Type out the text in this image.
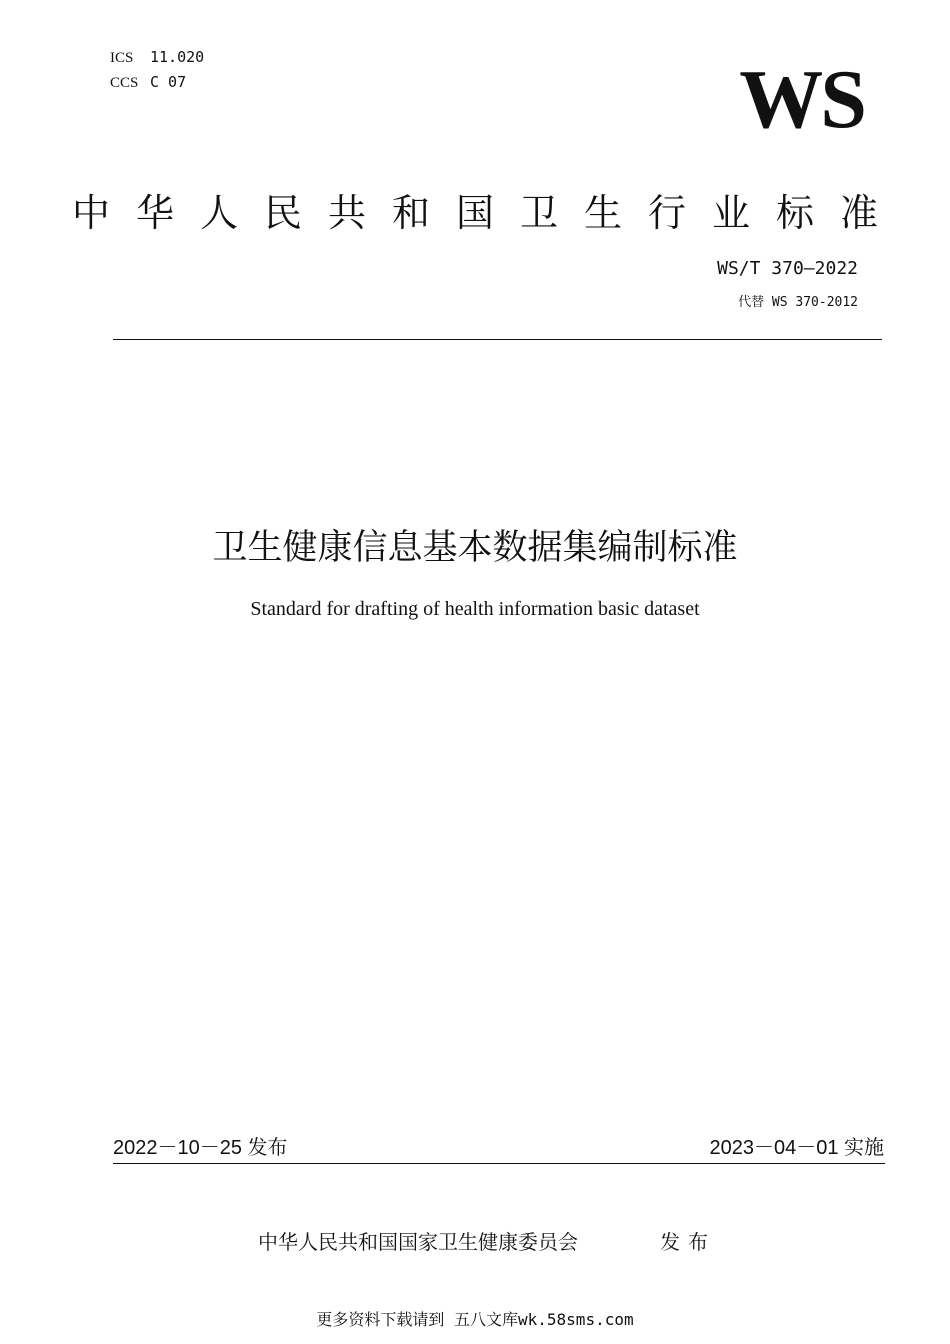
ICS 11.020
CCS C 07	WS
中华人民共和国卫生行业标准
WS/T 370—2022
代替 WS 370-2012
卫生健康信息基本数据集编制标准
Standard for drafting of health information basic dataset
2022－10－25 发布	2023－04－01 实施
中华人民共和国国家卫生健康委员会	发布
更多资料下载请到 五八文库wk.58sms.com
